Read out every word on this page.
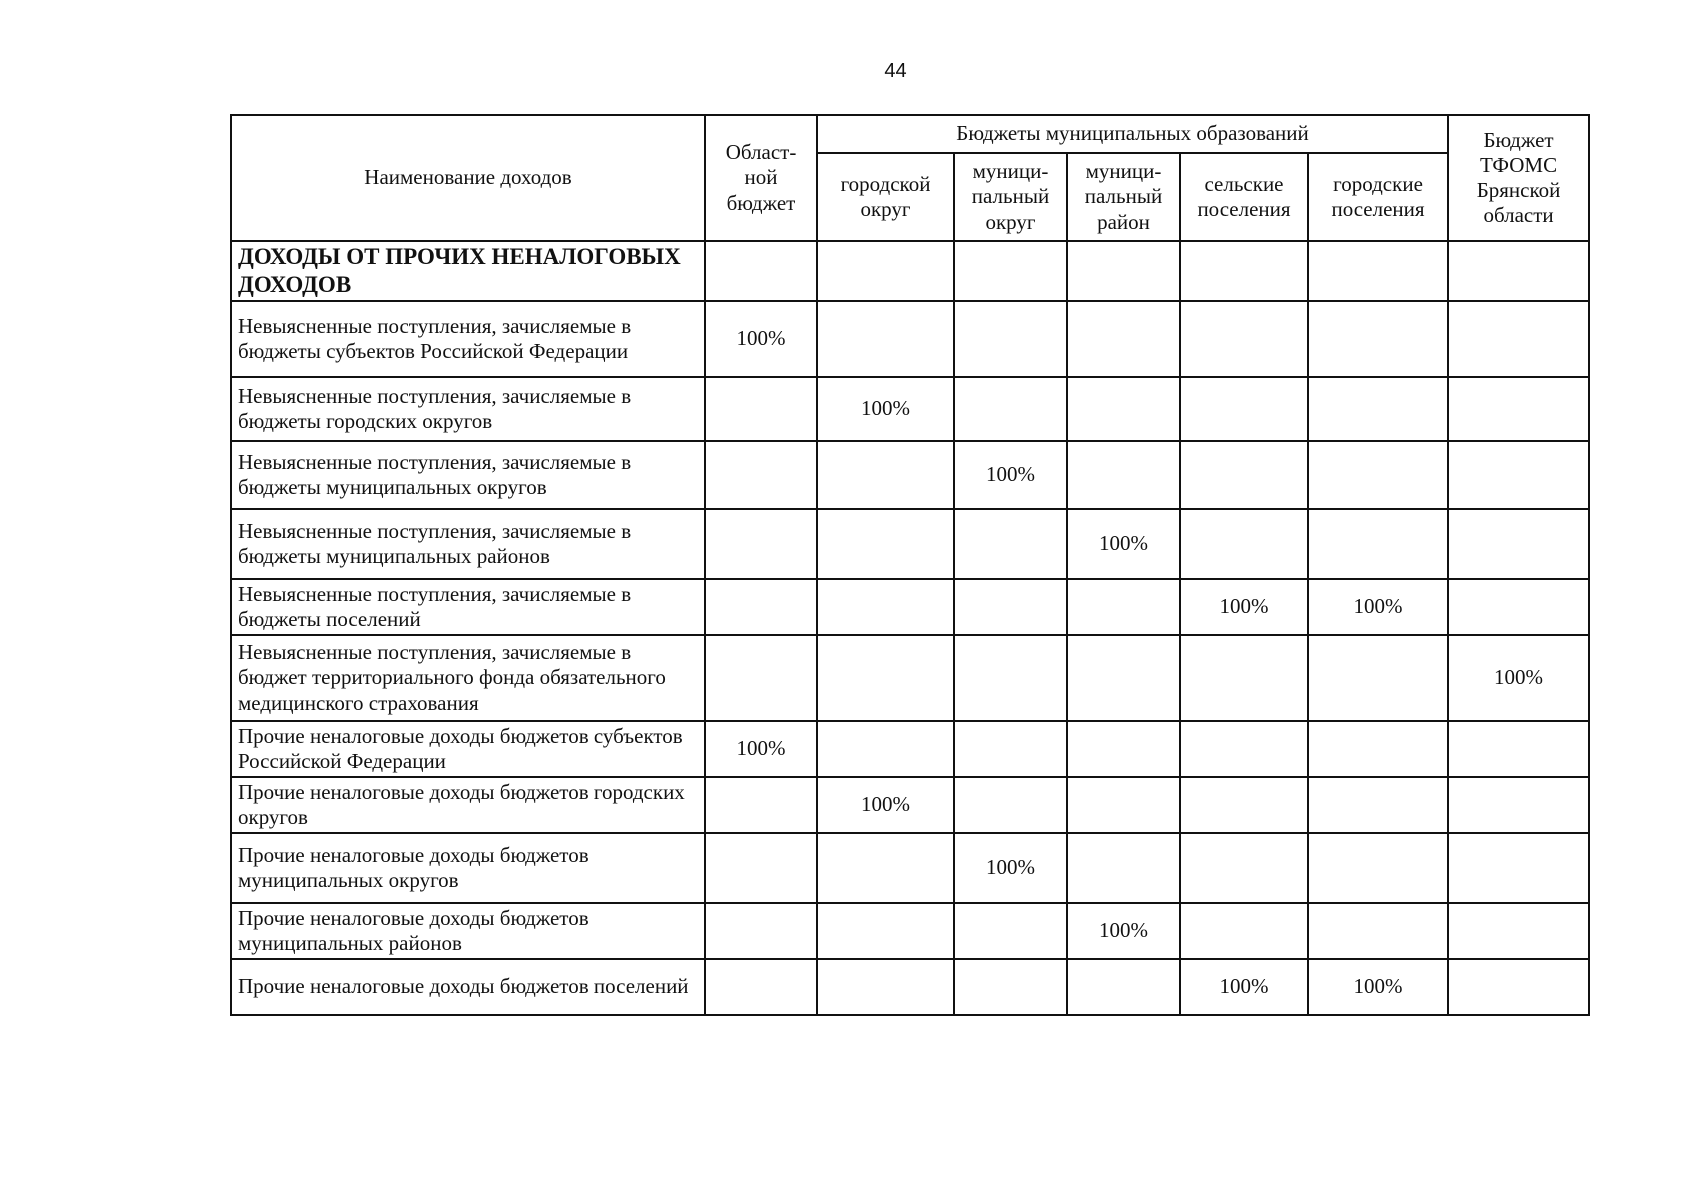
44
Наименование доходов	Област-ной бюджет	Бюджеты муниципальных образований					Бюджет ТФОМС Брянской области
		городской округ	муници-пальный округ	муници-пальный район	сельские поселения	городские поселения	
ДОХОДЫ ОТ ПРОЧИХ НЕНАЛОГОВЫХ ДОХОДОВ							
Невыясненные поступления, зачисляемые в бюджеты субъектов Российской Федерации	100%						
Невыясненные поступления, зачисляемые в бюджеты городских округов		100%					
Невыясненные поступления, зачисляемые в бюджеты муниципальных округов			100%				
Невыясненные поступления, зачисляемые в бюджеты муниципальных районов				100%			
Невыясненные поступления, зачисляемые в бюджеты поселений					100%	100%	
Невыясненные поступления, зачисляемые в бюджет территориального фонда обязательного медицинского страхования							100%
Прочие неналоговые доходы бюджетов субъектов Российской Федерации	100%						
Прочие неналоговые доходы бюджетов городских округов		100%					
Прочие неналоговые доходы бюджетов муниципальных округов			100%				
Прочие неналоговые доходы бюджетов муниципальных районов				100%			
Прочие неналоговые доходы бюджетов поселений					100%	100%	
